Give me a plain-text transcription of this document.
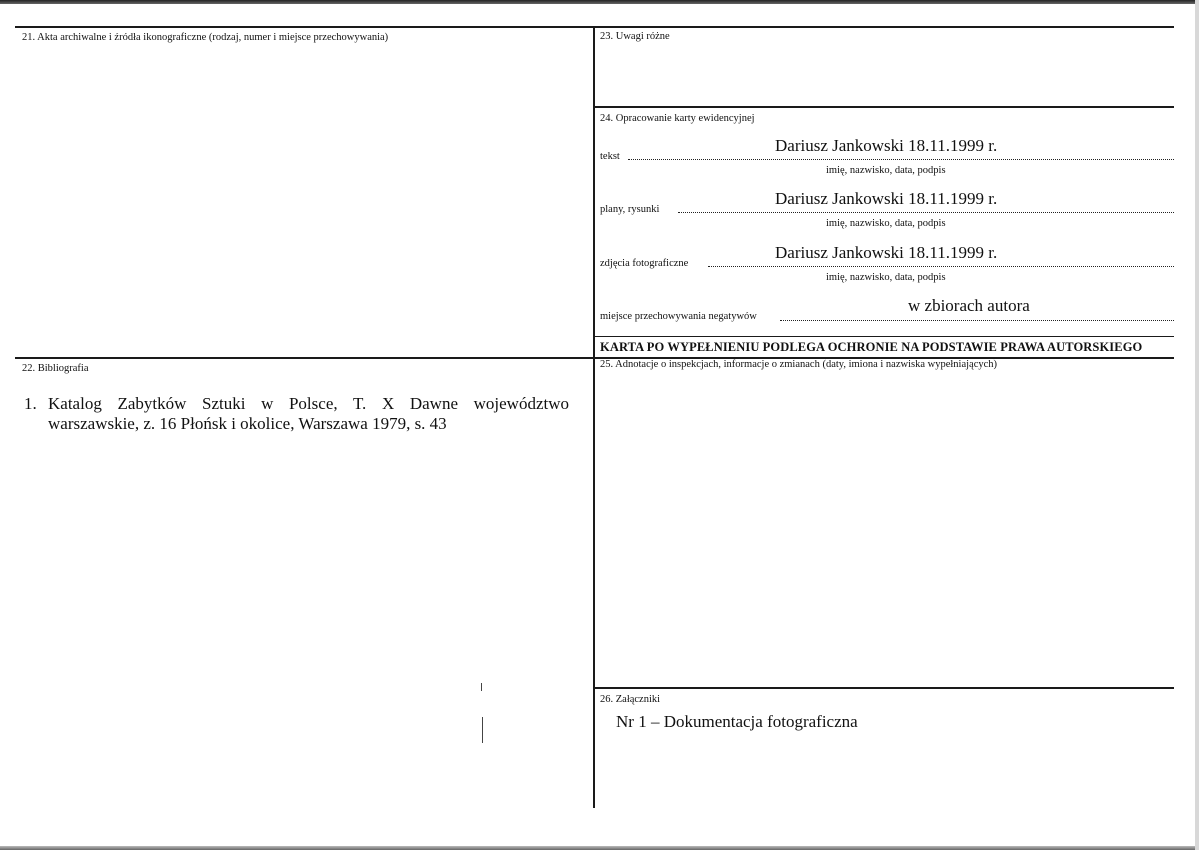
21. Akta archiwalne i źródła ikonograficzne (rodzaj, numer i miejsce przechowywania)
22. Bibliografia
1. Katalog Zabytków Sztuki w Polsce, T. X Dawne województwo warszawskie, z. 16 Płońsk i okolice, Warszawa 1979, s. 43
23. Uwagi różne
24. Opracowanie karty ewidencyjnej
tekst
Dariusz Jankowski 18.11.1999 r.
imię, nazwisko, data, podpis
plany, rysunki
Dariusz Jankowski 18.11.1999 r.
imię, nazwisko, data, podpis
zdjęcia fotograficzne
Dariusz Jankowski 18.11.1999 r.
imię, nazwisko, data, podpis
miejsce przechowywania negatywów
w zbiorach autora
KARTA PO WYPEŁNIENIU PODLEGA OCHRONIE NA PODSTAWIE PRAWA AUTORSKIEGO
25. Adnotacje o inspekcjach, informacje o zmianach (daty, imiona i nazwiska wypełniających)
26. Załączniki
Nr 1 – Dokumentacja fotograficzna
